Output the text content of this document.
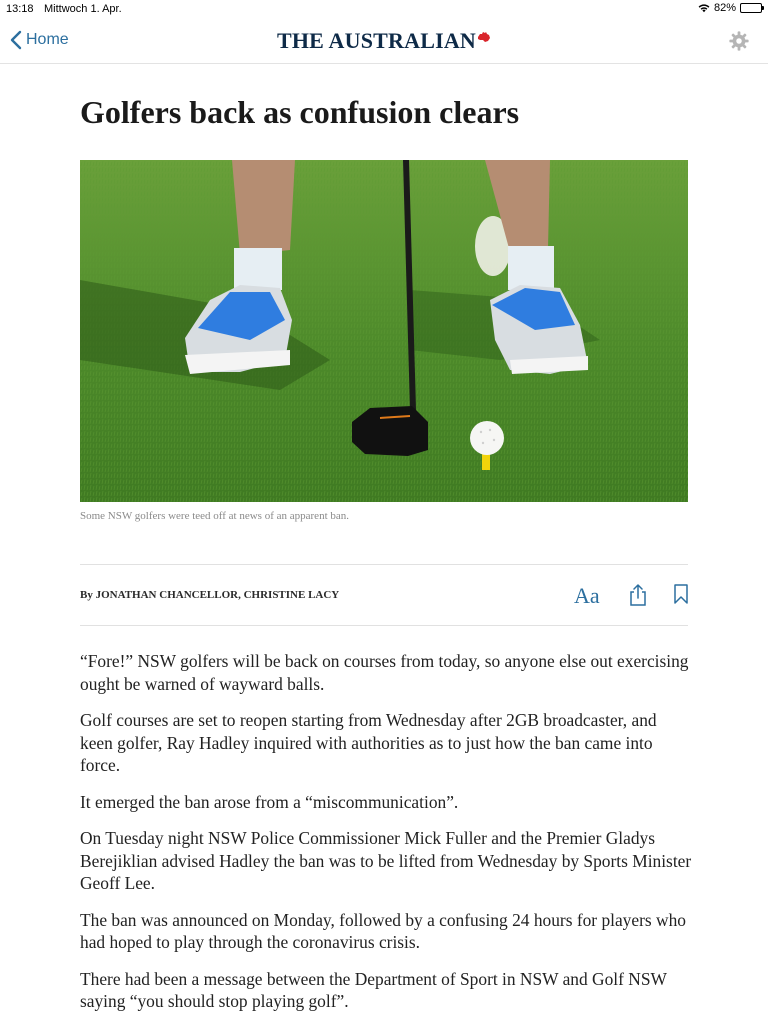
13:18 Mittwoch 1. Apr.	82%
Home	THE AUSTRALIAN
Golfers back as confusion clears

Some NSW golfers were teed off at news of an apparent ban.

By JONATHAN CHANCELLOR, CHRISTINE LACY	Aa

“Fore!” NSW golfers will be back on courses from today, so anyone else out exercising ought be warned of wayward balls.

Golf courses are set to reopen starting from Wednesday after 2GB broadcaster, and keen golfer, Ray Hadley inquired with authorities as to just how the ban came into force.

It emerged the ban arose from a “miscommunication”.

On Tuesday night NSW Police Commissioner Mick Fuller and the Premier Gladys Berejiklian advised Hadley the ban was to be lifted from Wednesday by Sports Minister Geoff Lee.

The ban was announced on Monday, followed by a confusing 24 hours for players who had hoped to play through the coronavirus crisis.

There had been a message between the Department of Sport in NSW and Golf NSW saying “you should stop playing golf”.
